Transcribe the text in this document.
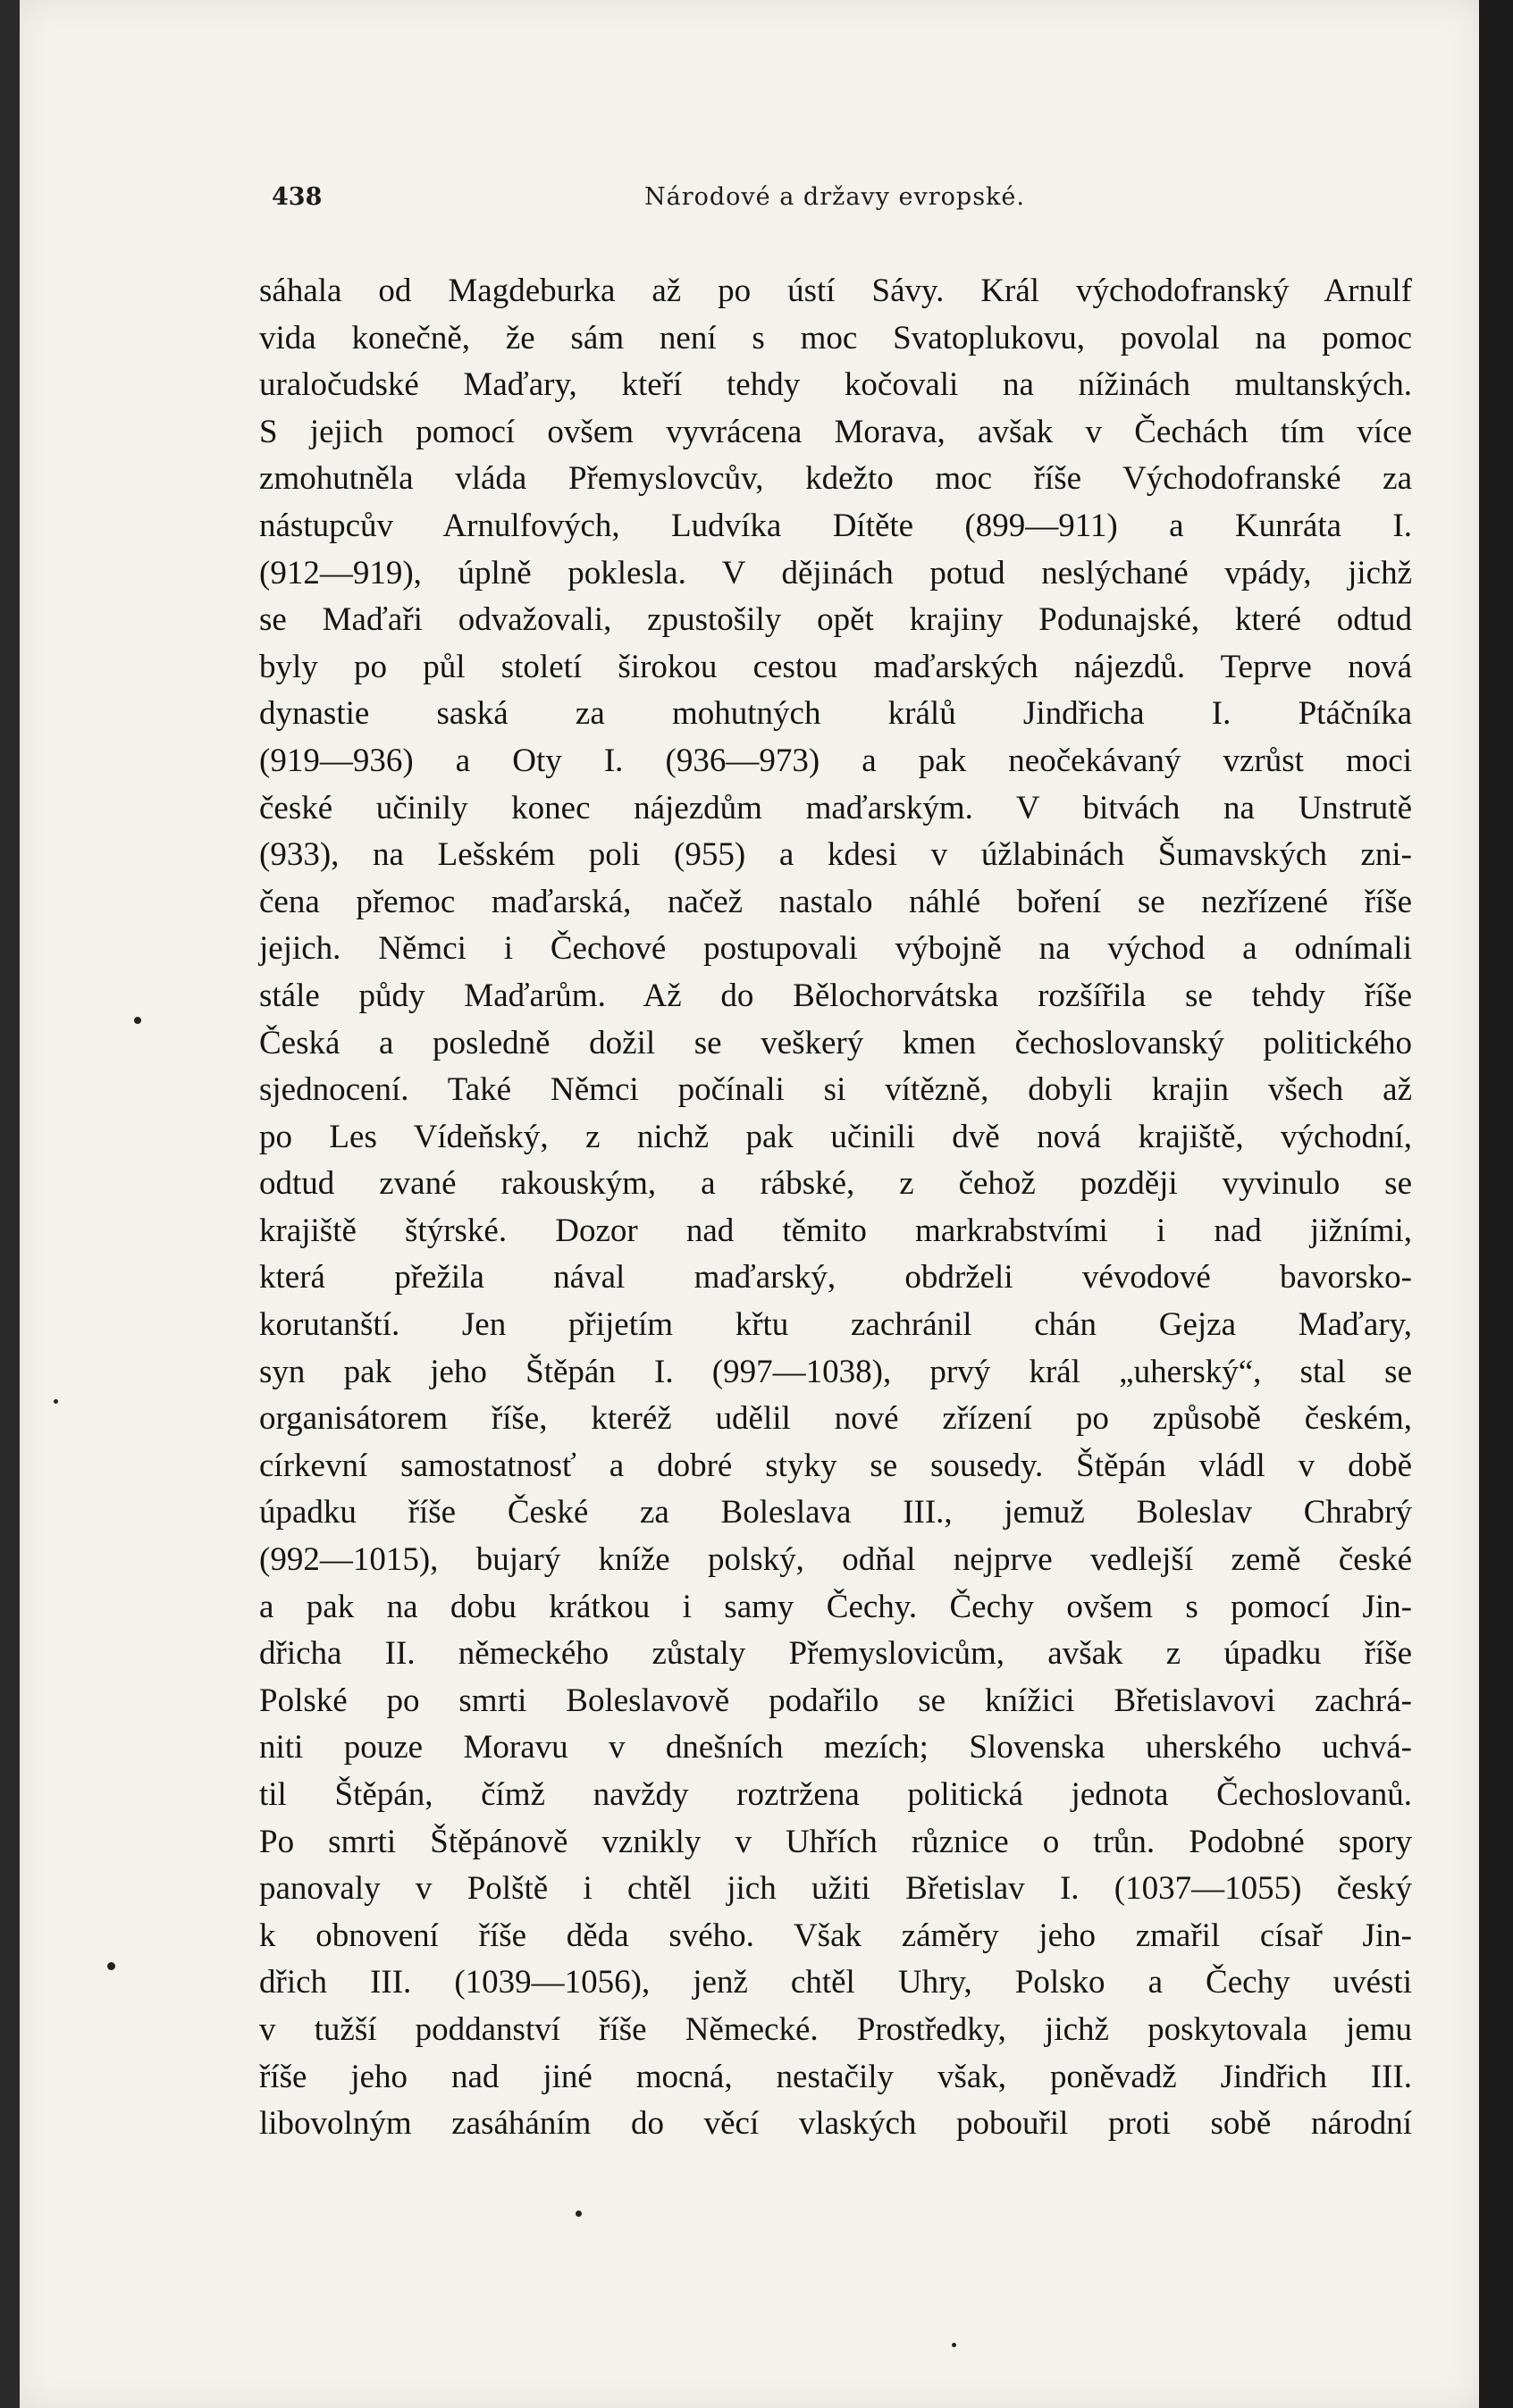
438	Národové a državy evropské.
sáhala od Magdeburka až po ústí Sávy. Král východofranský Arnulf
vida konečně, že sám není s moc Svatoplukovu, povolal na pomoc
uraločudské Maďary, kteří tehdy kočovali na nížinách multanských.
S jejich pomocí ovšem vyvrácena Morava, avšak v Čechách tím více
zmohutněla vláda Přemyslovcův, kdežto moc říše Východofranské za
nástupcův Arnulfových, Ludvíka Dítěte (899—911) a Kunráta I.
(912—919), úplně poklesla. V dějinách potud neslýchané vpády, jichž
se Maďaři odvažovali, zpustošily opět krajiny Podunajské, které odtud
byly po půl století širokou cestou maďarských nájezdů. Teprve nová
dynastie saská za mohutných králů Jindřicha I. Ptáčníka
(919—936) a Oty I. (936—973) a pak neočekávaný vzrůst moci
české učinily konec nájezdům maďarským. V bitvách na Unstrutě
(933), na Lešském poli (955) a kdesi v úžlabinách Šumavských zni-
čena přemoc maďarská, načež nastalo náhlé boření se nezřízené říše
jejich. Němci i Čechové postupovali výbojně na východ a odnímali
stále půdy Maďarům. Až do Bělochorvátska rozšířila se tehdy říše
Česká a posledně dožil se veškerý kmen čechoslovanský politického
sjednocení. Také Němci počínali si vítězně, dobyli krajin všech až
po Les Vídeňský, z nichž pak učinili dvě nová krajiště, východní,
odtud zvané rakouským, a rábské, z čehož později vyvinulo se
krajiště štýrské. Dozor nad těmito markrabstvími i nad jižními,
která přežila nával maďarský, obdrželi vévodové bavorsko-
korutanští. Jen přijetím křtu zachránil chán Gejza Maďary,
syn pak jeho Štěpán I. (997—1038), prvý král „uherský“, stal se
organisátorem říše, kteréž udělil nové zřízení po způsobě českém,
církevní samostatnosť a dobré styky se sousedy. Štěpán vládl v době
úpadku říše České za Boleslava III., jemuž Boleslav Chrabrý
(992—1015), bujarý kníže polský, odňal nejprve vedlejší země české
a pak na dobu krátkou i samy Čechy. Čechy ovšem s pomocí Jin-
dřicha II. německého zůstaly Přemyslovicům, avšak z úpadku říše
Polské po smrti Boleslavově podařilo se knížici Břetislavovi zachrá-
niti pouze Moravu v dnešních mezích; Slovenska uherského uchvá-
til Štěpán, čímž navždy roztržena politická jednota Čechoslovanů.
Po smrti Štěpánově vznikly v Uhřích různice o trůn. Podobné spory
panovaly v Polště i chtěl jich užiti Břetislav I. (1037—1055) český
k obnovení říše děda svého. Však záměry jeho zmařil císař Jin-
dřich III. (1039—1056), jenž chtěl Uhry, Polsko a Čechy uvésti
v tužší poddanství říše Německé. Prostředky, jichž poskytovala jemu
říše jeho nad jiné mocná, nestačily však, poněvadž Jindřich III.
libovolným zasáháním do věcí vlaských pobouřil proti sobě národní
